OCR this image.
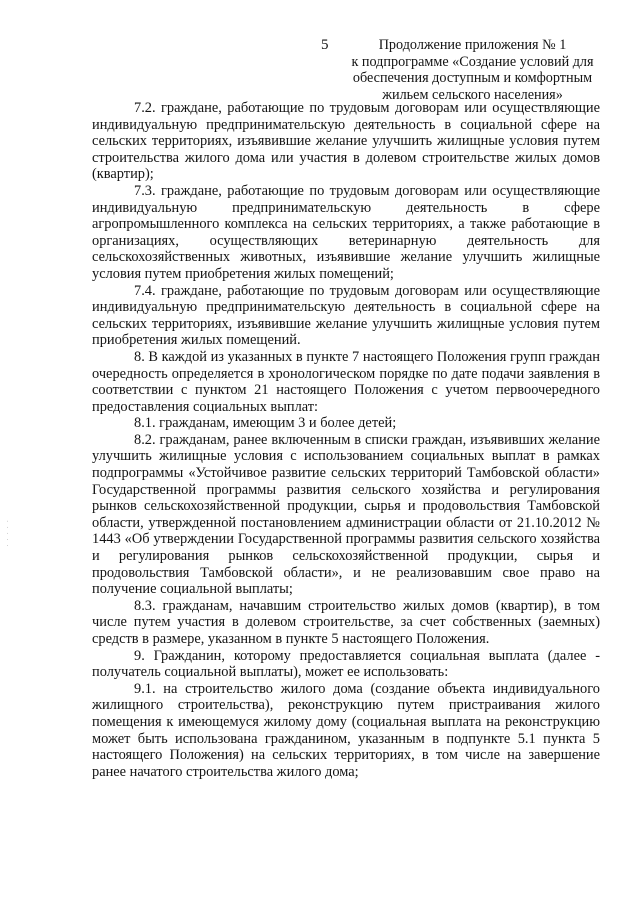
· · · · ·
5	Продолжение приложения № 1
к подпрограмме «Создание условий для
обеспечения доступным и комфортным
жильем сельского населения»
7.2. граждане, работающие по трудовым договорам или осуществляющие индивидуальную предпринимательскую деятельность в социальной сфере на сельских территориях, изъявившие желание улучшить жилищные условия путем строительства жилого дома или участия в долевом строительстве жилых домов (квартир);
7.3. граждане, работающие по трудовым договорам или осуществляющие индивидуальную предпринимательскую деятельность в сфере агропромышленного комплекса на сельских территориях, а также работающие в организациях, осуществляющих ветеринарную деятельность для сельскохозяйственных животных, изъявившие желание улучшить жилищные условия путем приобретения жилых помещений;
7.4. граждане, работающие по трудовым договорам или осуществляющие индивидуальную предпринимательскую деятельность в социальной сфере на сельских территориях, изъявившие желание улучшить жилищные условия путем приобретения жилых помещений.
8. В каждой из указанных в пункте 7 настоящего Положения групп граждан очередность определяется в хронологическом порядке по дате подачи заявления в соответствии с пунктом 21 настоящего Положения с учетом первоочередного предоставления социальных выплат:
8.1. гражданам, имеющим 3 и более детей;
8.2. гражданам, ранее включенным в списки граждан, изъявивших желание улучшить жилищные условия с использованием социальных выплат в рамках подпрограммы «Устойчивое развитие сельских территорий Тамбовской области» Государственной программы развития сельского хозяйства и регулирования рынков сельскохозяйственной продукции, сырья и продовольствия Тамбовской области, утвержденной постановлением администрации области от 21.10.2012 № 1443 «Об утверждении Государственной программы развития сельского хозяйства и регулирования рынков сельскохозяйственной продукции, сырья и продовольствия Тамбовской области», и не реализовавшим свое право на получение социальной выплаты;
8.3. гражданам, начавшим строительство жилых домов (квартир), в том числе путем участия в долевом строительстве, за счет собственных (заемных) средств в размере, указанном в пункте 5 настоящего Положения.
9. Гражданин, которому предоставляется социальная выплата (далее - получатель социальной выплаты), может ее использовать:
9.1. на строительство жилого дома (создание объекта индивидуального жилищного строительства), реконструкцию путем пристраивания жилого помещения к имеющемуся жилому дому (социальная выплата на реконструкцию может быть использована гражданином, указанным в подпункте 5.1 пункта 5 настоящего Положения) на сельских территориях, в том числе на завершение ранее начатого строительства жилого дома;
